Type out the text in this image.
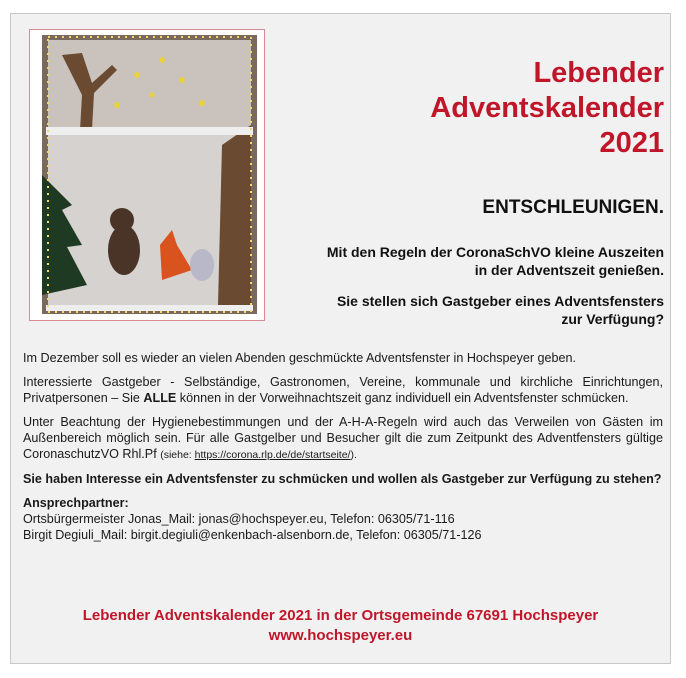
Lebender
Adventskalender
2021
ENTSCHLEUNIGEN.

Mit den Regeln der CoronaSchVO kleine Auszeiten in der Adventszeit genießen.

Sie stellen sich Gastgeber eines Adventsfensters zur Verfügung?

Im Dezember soll es wieder an vielen Abenden geschmückte Adventsfenster in Hochspeyer geben.

Interessierte Gastgeber - Selbständige, Gastronomen, Vereine, kommunale und kirchliche Einrichtungen, Privatpersonen – Sie ALLE können in der Vorweihnachtszeit ganz individuell ein Adventsfenster schmücken.

Unter Beachtung der Hygienebestimmungen und der A-H-A-Regeln wird auch das Verweilen von Gästen im Außenbereich möglich sein. Für alle Gastgelber und Besucher gilt die zum Zeitpunkt des Adventfensters gültige CoronaschutzVO Rhl.Pf (siehe: https://corona.rlp.de/de/startseite/).

Sie haben Interesse ein Adventsfenster zu schmücken und wollen als Gastgeber zur Verfügung zu stehen?

Ansprechpartner:
Ortsbürgermeister Jonas_Mail: jonas@hochspeyer.eu, Telefon: 06305/71-116
Birgit Degiuli_Mail: birgit.degiuli@enkenbach-alsenborn.de, Telefon: 06305/71-126
Lebender Adventskalender 2021 in der Ortsgemeinde 67691 Hochspeyer
www.hochspeyer.eu
